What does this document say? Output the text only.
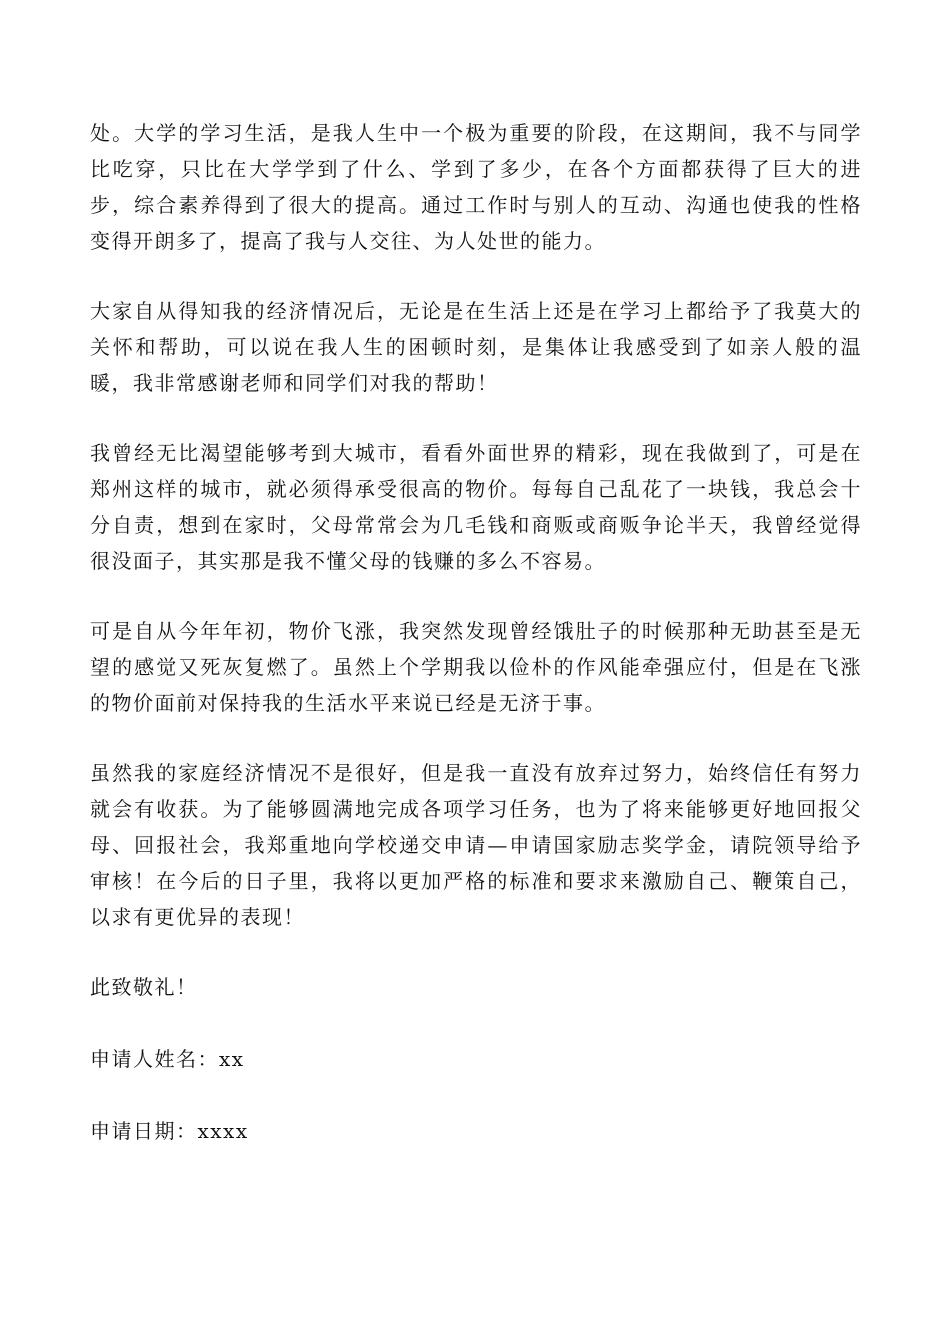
处。大学的学习生活，是我人生中一个极为重要的阶段，在这期间，我不与同学比吃穿，只比在大学学到了什么、学到了多少，在各个方面都获得了巨大的进步，综合素养得到了很大的提高。通过工作时与别人的互动、沟通也使我的性格变得开朗多了，提高了我与人交往、为人处世的能力。

大家自从得知我的经济情况后，无论是在生活上还是在学习上都给予了我莫大的关怀和帮助，可以说在我人生的困顿时刻，是集体让我感受到了如亲人般的温暖，我非常感谢老师和同学们对我的帮助！

我曾经无比渴望能够考到大城市，看看外面世界的精彩，现在我做到了，可是在郑州这样的城市，就必须得承受很高的物价。每每自己乱花了一块钱，我总会十分自责，想到在家时，父母常常会为几毛钱和商贩或商贩争论半天，我曾经觉得很没面子，其实那是我不懂父母的钱赚的多么不容易。

可是自从今年年初，物价飞涨，我突然发现曾经饿肚子的时候那种无助甚至是无望的感觉又死灰复燃了。虽然上个学期我以俭朴的作风能牵强应付，但是在飞涨的物价面前对保持我的生活水平来说已经是无济于事。

虽然我的家庭经济情况不是很好，但是我一直没有放弃过努力，始终信任有努力就会有收获。为了能够圆满地完成各项学习任务，也为了将来能够更好地回报父母、回报社会，我郑重地向学校递交申请—申请国家励志奖学金，请院领导给予审核！在今后的日子里，我将以更加严格的标准和要求来激励自己、鞭策自己，以求有更优异的表现！

此致敬礼！

申请人姓名：xx

申请日期：xxxx
